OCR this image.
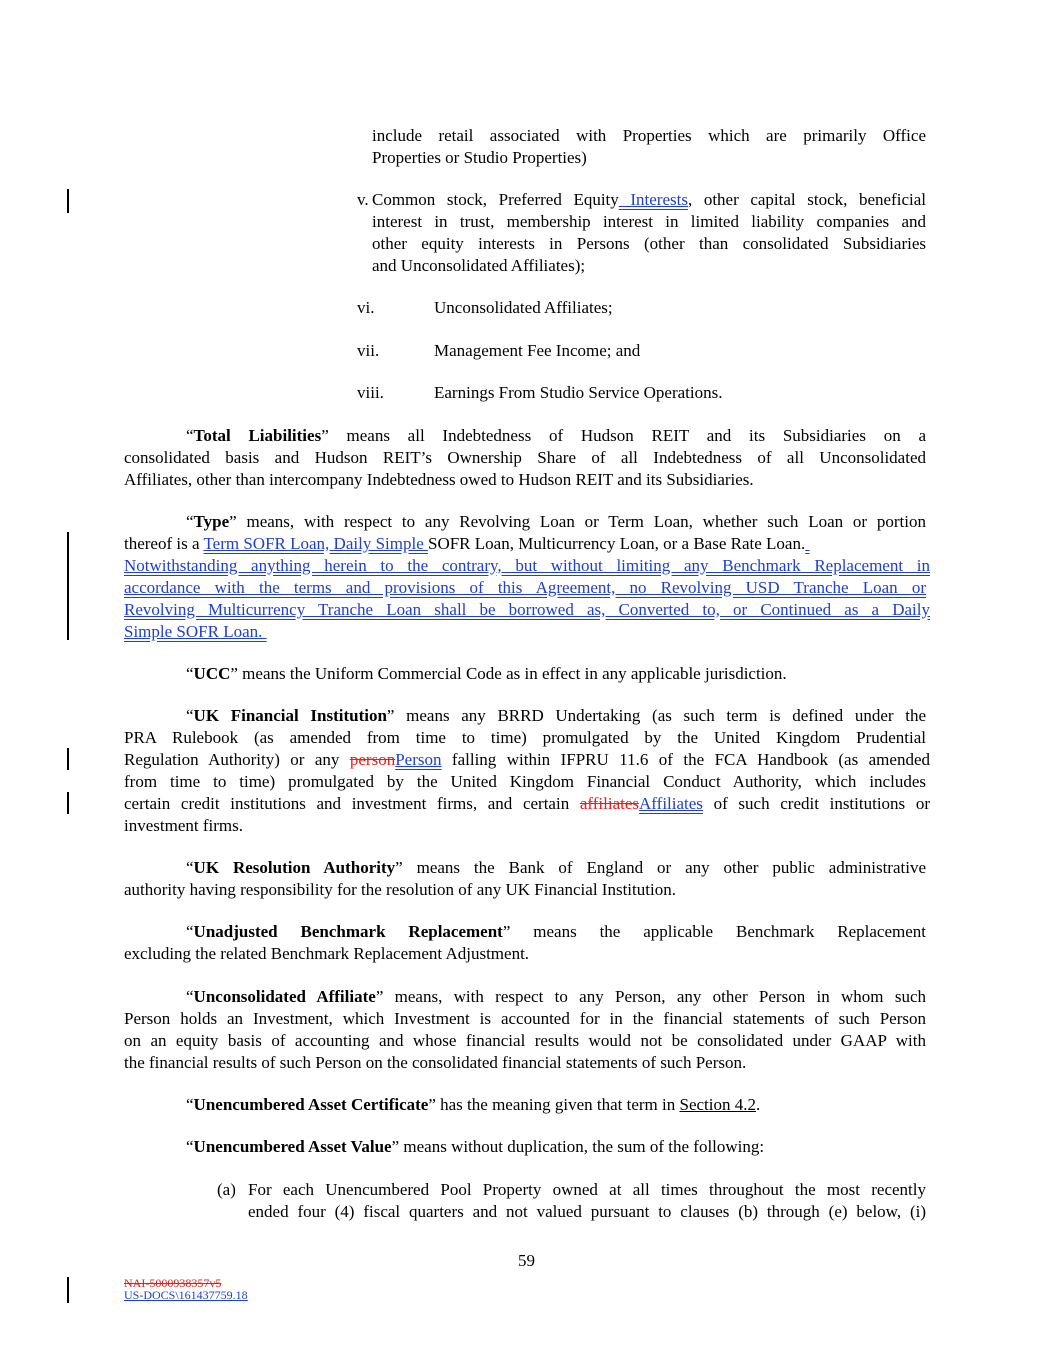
include retail associated with Properties which are primarily Office
Properties or Studio Properties)
v. Common stock, Preferred Equity Interests, other capital stock, beneficial
interest in trust, membership interest in limited liability companies and
other equity interests in Persons (other than consolidated Subsidiaries
and Unconsolidated Affiliates);
vi.	Unconsolidated Affiliates;
vii.	Management Fee Income; and
viii.	Earnings From Studio Service Operations.
“Total Liabilities” means all Indebtedness of Hudson REIT and its Subsidiaries on a
consolidated basis and Hudson REIT’s Ownership Share of all Indebtedness of all Unconsolidated
Affiliates, other than intercompany Indebtedness owed to Hudson REIT and its Subsidiaries.
“Type” means, with respect to any Revolving Loan or Term Loan, whether such Loan or portion
thereof is a Term SOFR Loan, Daily Simple SOFR Loan, Multicurrency Loan, or a Base Rate Loan.
Notwithstanding anything herein to the contrary, but without limiting any Benchmark Replacement in
accordance with the terms and provisions of this Agreement, no Revolving USD Tranche Loan or
Revolving Multicurrency Tranche Loan shall be borrowed as, Converted to, or Continued as a Daily
Simple SOFR Loan.
“UCC” means the Uniform Commercial Code as in effect in any applicable jurisdiction.
“UK Financial Institution” means any BRRD Undertaking (as such term is defined under the
PRA Rulebook (as amended from time to time) promulgated by the United Kingdom Prudential
Regulation Authority) or any personPerson falling within IFPRU 11.6 of the FCA Handbook (as amended
from time to time) promulgated by the United Kingdom Financial Conduct Authority, which includes
certain credit institutions and investment firms, and certain affiliatesAffiliates of such credit institutions or
investment firms.
“UK Resolution Authority” means the Bank of England or any other public administrative
authority having responsibility for the resolution of any UK Financial Institution.
“Unadjusted Benchmark Replacement” means the applicable Benchmark Replacement
excluding the related Benchmark Replacement Adjustment.
“Unconsolidated Affiliate” means, with respect to any Person, any other Person in whom such
Person holds an Investment, which Investment is accounted for in the financial statements of such Person
on an equity basis of accounting and whose financial results would not be consolidated under GAAP with
the financial results of such Person on the consolidated financial statements of such Person.
“Unencumbered Asset Certificate” has the meaning given that term in Section 4.2.
“Unencumbered Asset Value” means without duplication, the sum of the following:
(a) For each Unencumbered Pool Property owned at all times throughout the most recently
ended four (4) fiscal quarters and not valued pursuant to clauses (b) through (e) below, (i)
59
NAI-5000938357v5
US-DOCS\161437759.18
